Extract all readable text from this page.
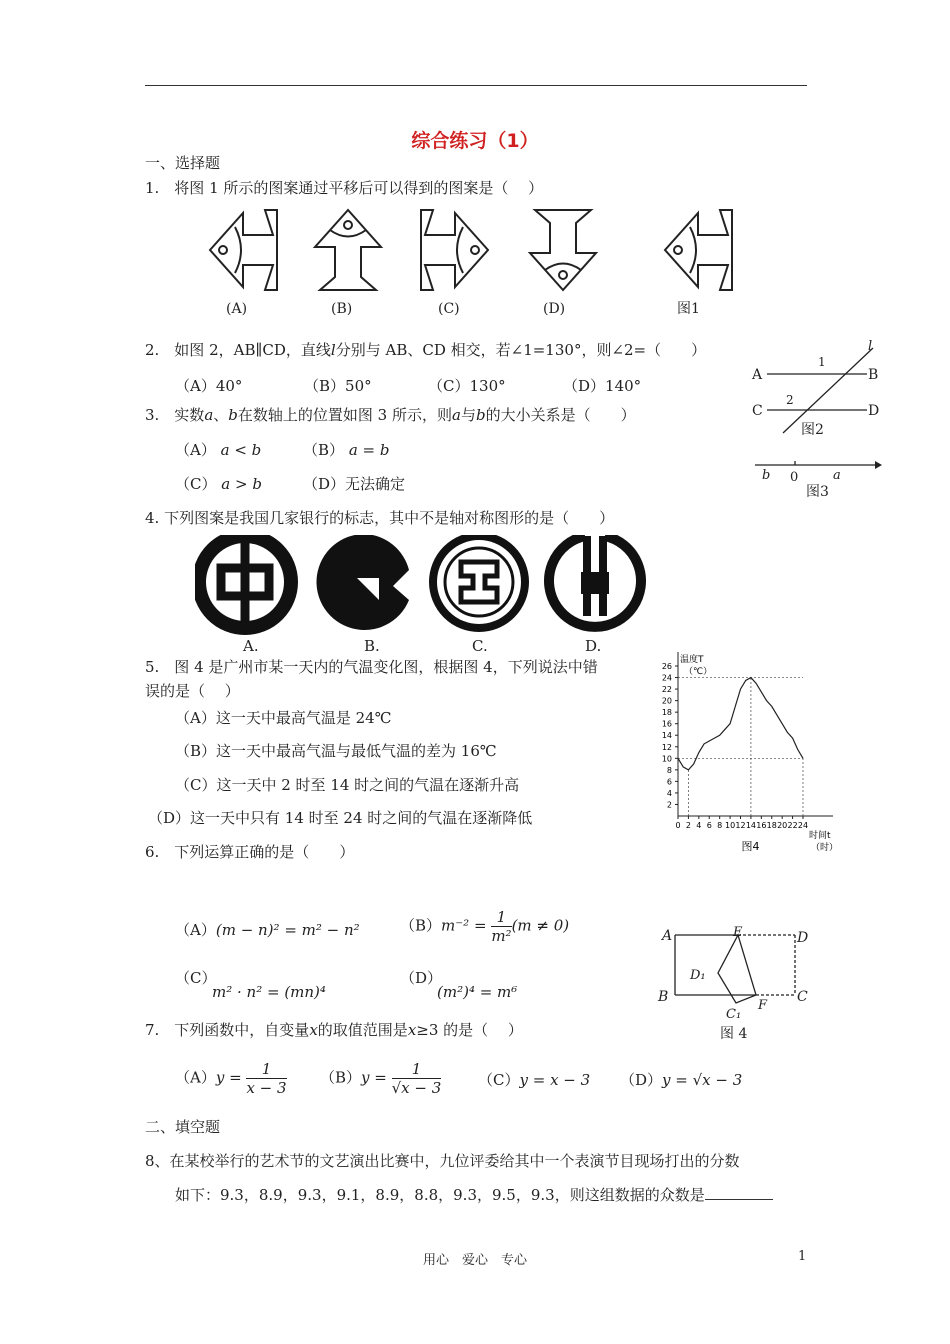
综合练习（1）
一、选择题
1.　将图 1 所示的图案通过平移后可以得到的图案是（　 ）
(A)	(B)	(C)	(D)	图1
2.　如图 2，AB∥CD，直线l分别与 AB、CD 相交，若∠1=130°，则∠2=（　　）
（A）40°	（B）50°	（C）130°	（D）140°
A	B
C	D
l
1
2
图2
3.　实数a、b在数轴上的位置如图 3 所示，则a与b的大小关系是（　　）
（A） a < b	（B） a = b
（C） a > b	（D）无法确定	b 0	a
图3
4. 下列图案是我国几家银行的标志，其中不是轴对称图形的是（　　）
A.	B.	C.	D.
5.　图 4 是广州市某一天内的气温变化图，根据图 4，下列说法中错
误的是（　 ）
（A）这一天中最高气温是 24℃
（B）这一天中最高气温与最低气温的差为 16℃
（C）这一天中 2 时至 14 时之间的气温在逐渐升高
（D）这一天中只有 14 时至 24 时之间的气温在逐渐降低
2
4
6
8
10
12
14
16
18
20
22
24
26
0 2 4 6 8 10 12 14 16 18 20 22 24
温度T
（℃）
时间t
（时）
图4
6.　下列运算正确的是（　　）
（A）(m − n)² = m² − n²	$(B)m^{-2} = \frac{1}{\text{m²}} (m \ne 0)$
（C）
m² · n² = (mn)⁴
（D）
(m²)⁴ = m⁶
A
B
D
C
E
F
D₁
C₁
图 4
7.　下列函数中，自变量x的取值范围是x≥3 的是（　 ）
$(A)y = \frac{1}{x - 3} (B)y = \frac{1}{√x - 3} (C)y = x - 3$ （D）y = √x − 3
二、填空题
8、在某校举行的艺术节的文艺演出比赛中，九位评委给其中一个表演节目现场打出的分数
如下：9.3，8.9，9.3，9.1，8.9，8.8，9.3，9.5，9.3，则这组数据的众数是
用心　爱心　专心	1
